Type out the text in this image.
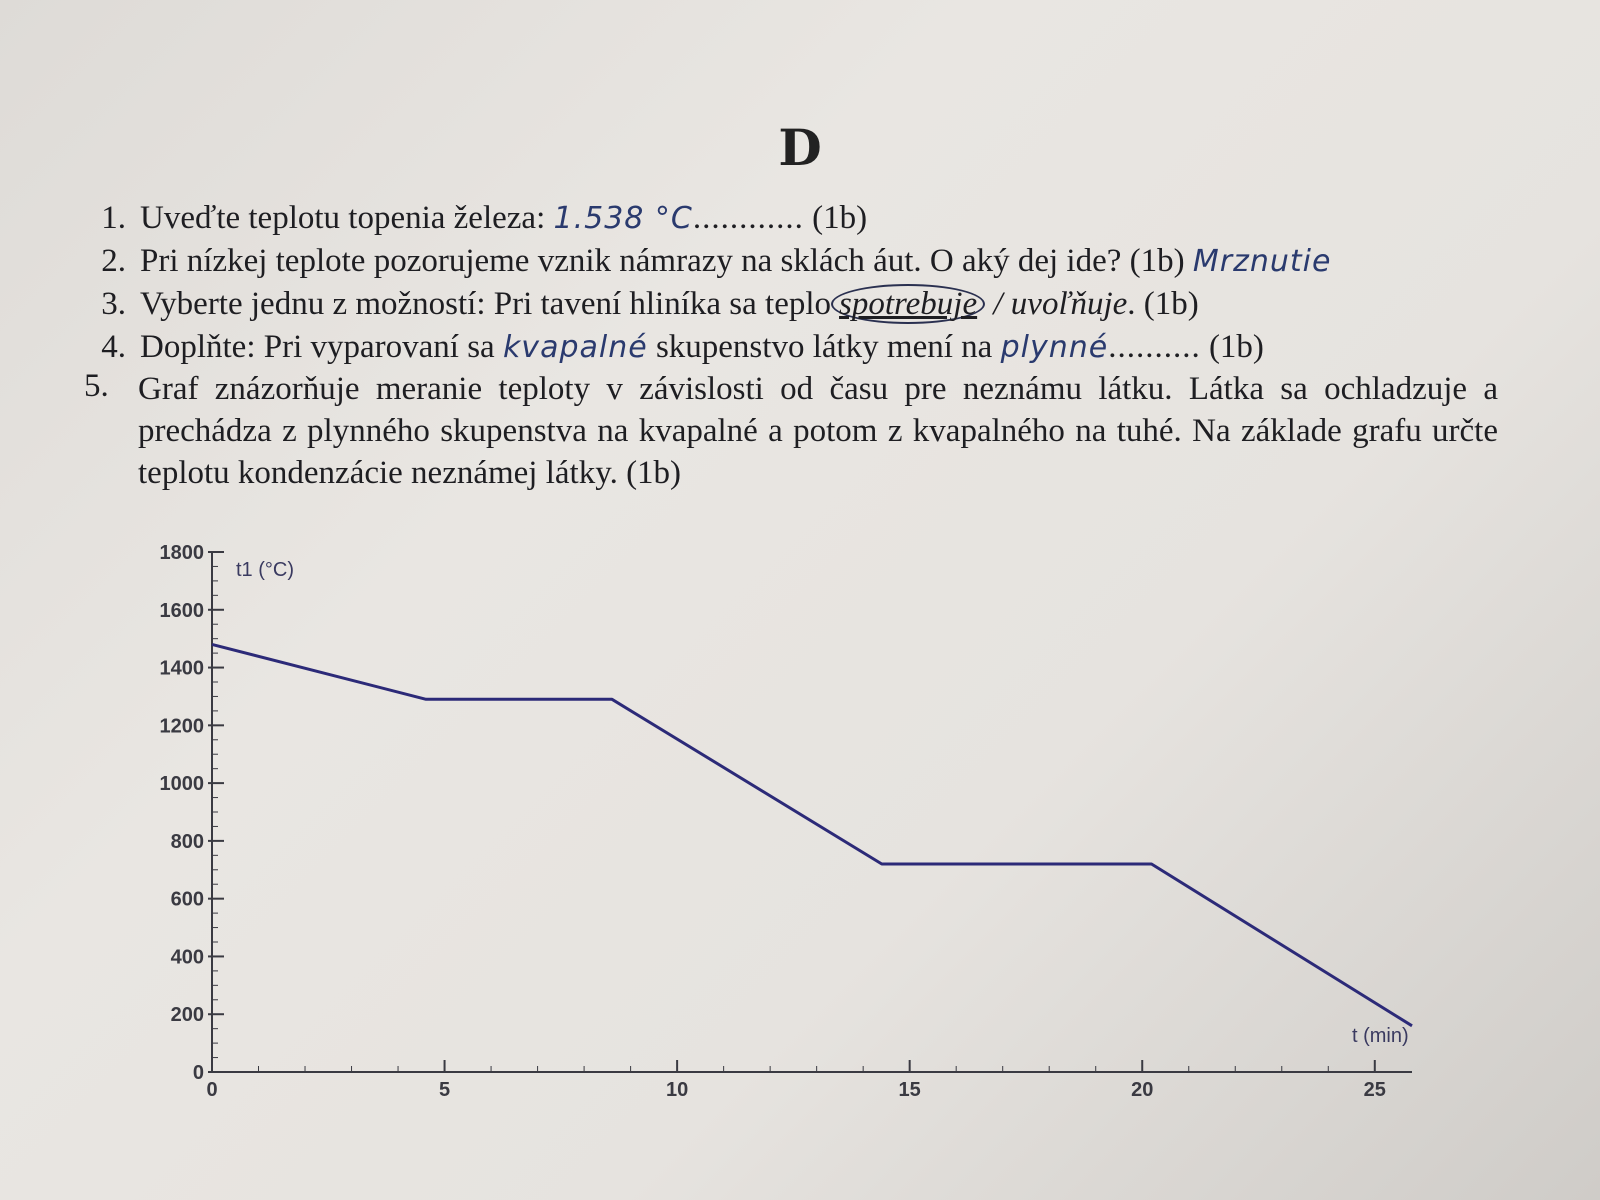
D
1. Uveďte teplotu topenia železa: 1.538 °C............ (1b)
2. Pri nízkej teplote pozorujeme vznik námrazy na sklách áut. O aký dej ide? (1b) Mrznutie
3. Vyberte jednu z možností: Pri tavení hliníka sa teplo spotrebuje / uvoľňuje. (1b)
4. Doplňte: Pri vyparovaní sa kvapalné skupenstvo látky mení na plynné.......... (1b)
5. Graf znázorňuje meranie teploty v závislosti od času pre neznámu látku. Látka sa ochladzuje a prechádza z plynného skupenstva na kvapalné a potom z kvapalného na tuhé. Na základe grafu určte teplotu kondenzácie neznámej látky. (1b)
0
200
400
600
800
1000
1200
1400
1600
1800
0	5	10	15	20	25
t1 (°C)
t (min)
